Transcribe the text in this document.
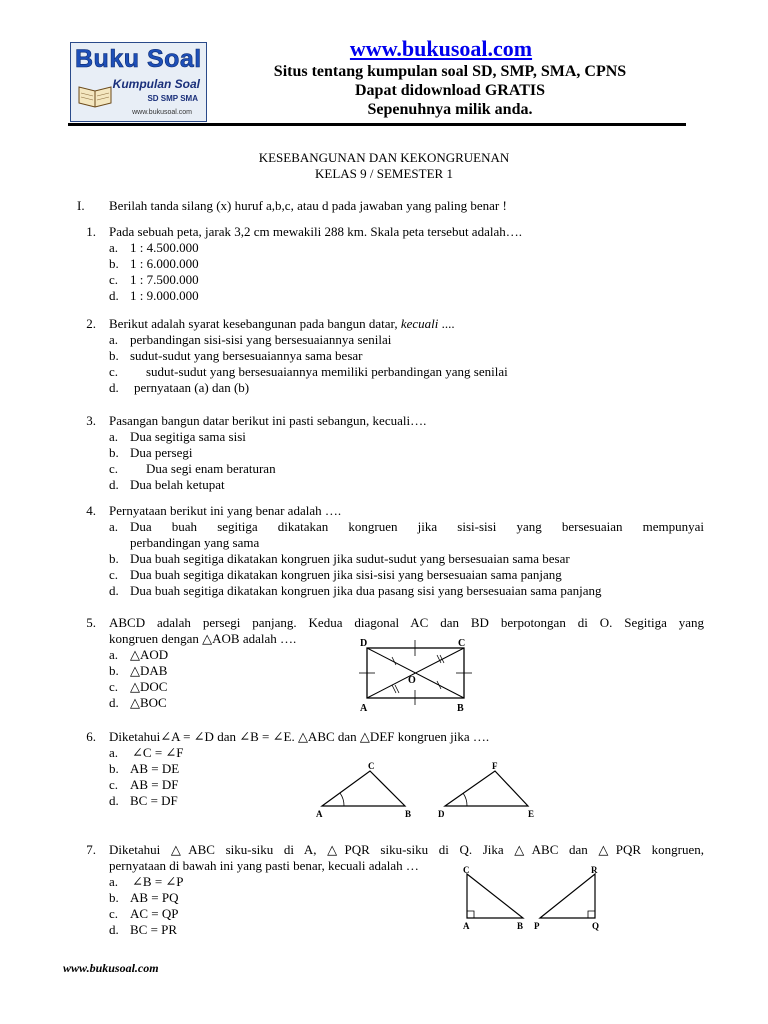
Buku Soal
Kumpulan Soal
SD SMP SMA
www.bukusoal.com
www.bukusoal.com
Situs tentang kumpulan soal SD, SMP, SMA, CPNS
Dapat didownload GRATIS
Sepenuhnya milik anda.
KESEBANGUNAN DAN KEKONGRUENAN
KELAS 9 / SEMESTER 1
I. Berilah tanda silang (x) huruf a,b,c, atau d pada jawaban yang paling benar !
1. Pada sebuah peta, jarak 3,2 cm mewakili 288 km. Skala peta tersebut adalah….
a. 1 : 4.500.000
b. 1 : 6.000.000
c. 1 : 7.500.000
d. 1 : 9.000.000
2. Berikut adalah syarat kesebangunan pada bangun datar, kecuali ....
a. perbandingan sisi-sisi yang bersesuaiannya senilai
b. sudut-sudut yang bersesuaiannya sama besar
c.	sudut-sudut yang bersesuaiannya memiliki perbandingan yang senilai
d.	pernyataan (a) dan (b)
3. Pasangan bangun datar berikut ini pasti sebangun, kecuali….
a. Dua segitiga sama sisi
b. Dua persegi
c.	Dua segi enam beraturan
d. Dua belah ketupat
4. Pernyataan berikut ini yang benar adalah ….
a. Dua buah segitiga dikatakan kongruen jika sisi-sisi yang bersesuaian mempunyai
perbandingan yang sama
b. Dua buah segitiga dikatakan kongruen jika sudut-sudut yang bersesuaian sama besar
c. Dua buah segitiga dikatakan kongruen jika sisi-sisi yang bersesuaian sama panjang
d. Dua buah segitiga dikatakan kongruen jika dua pasang sisi yang bersesuaian sama panjang
5. ABCD adalah persegi panjang. Kedua diagonal AC dan BD berpotongan di O. Segitiga yang
kongruen dengan △AOB adalah ….
a. △AOD
b. △DAB
c. △DOC
d. △BOC
D	C
O
A	B
6. Diketahui∠A = ∠D dan ∠B = ∠E. △ABC dan △DEF kongruen jika ….
a.	∠C = ∠F
b. AB = DE
c. AB = DF
d. BC = DF
C
A	B
F
D	E
7. Diketahui △ABC siku-siku di A, △PQR siku-siku di Q. Jika △ABC dan △PQR kongruen,
pernyataan di bawah ini yang pasti benar, kecuali adalah …
a.	∠B = ∠P
b. AB = PQ
c. AC = QP
d. BC = PR
C
A	B
R
P	Q
www.bukusoal.com
